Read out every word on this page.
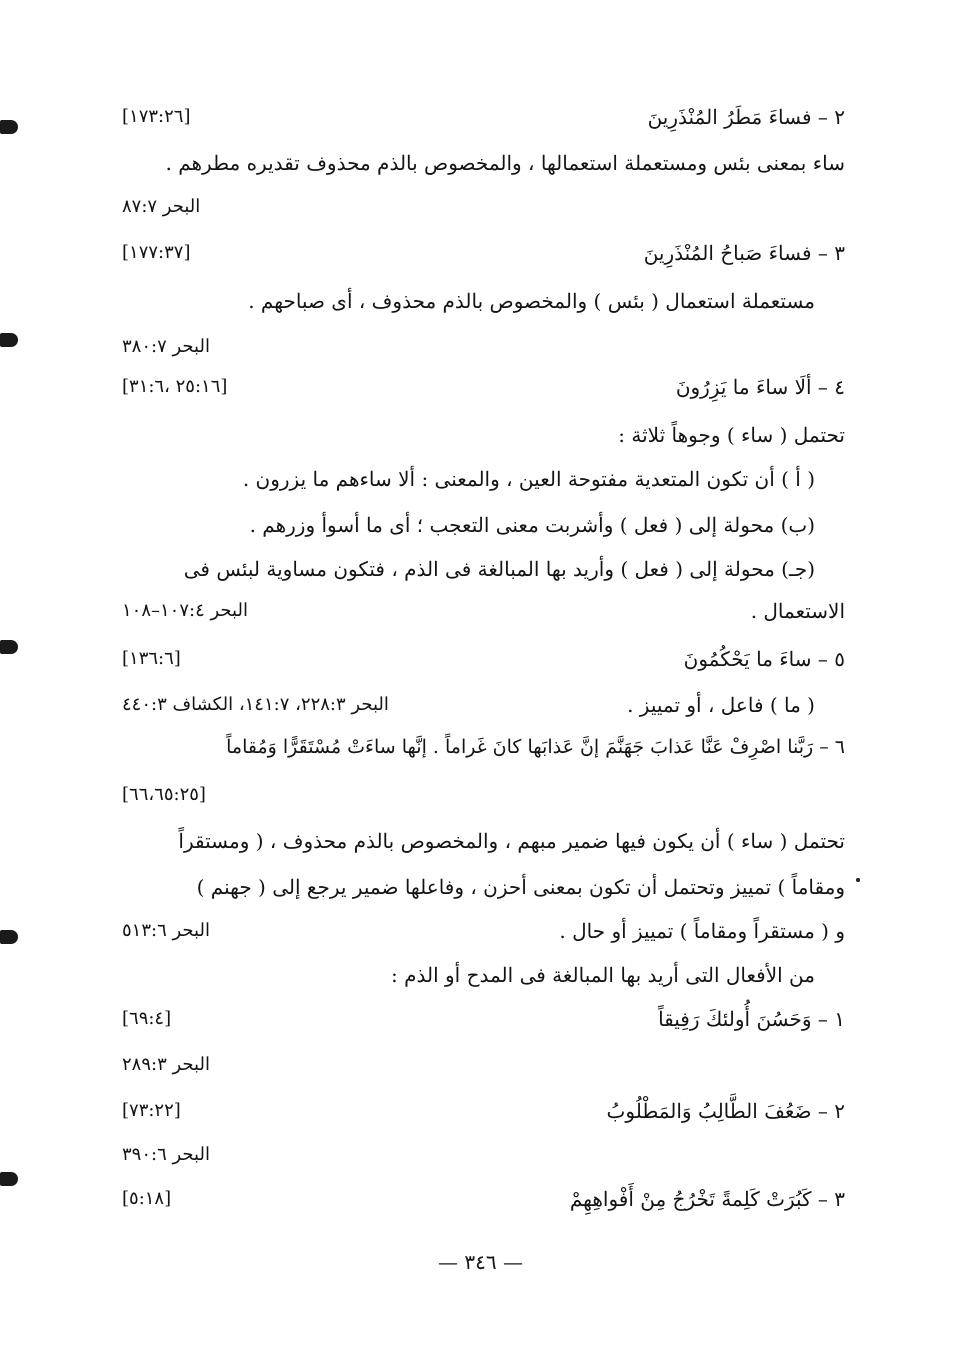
٢ – فساءَ مَطَرُ المُنْذَرِينَ
[١٧٣:٢٦]
ساء بمعنى بئس ومستعملة استعمالها ، والمخصوص بالذم محذوف تقديره مطرهم .
البحر ٨٧:٧
٣ – فساءَ صَباحُ المُنْذَرِينَ
[١٧٧:٣٧]
مستعملة استعمال ( بئس ) والمخصوص بالذم محذوف ، أى صباحهم .
البحر ٣٨٠:٧
٤ – ألَا ساءَ ما يَزِرُونَ
[٢٥:١٦ ،٣١:٦]
تحتمل ( ساء ) وجوهاً ثلاثة :
( أ ) أن تكون المتعدية مفتوحة العين ، والمعنى : ألا ساءهم ما يزرون .
(ب) محولة إلى ( فعل ) وأشربت معنى التعجب ؛ أى ما أسوأ وزرهم .
(جـ) محولة إلى ( فعل ) وأريد بها المبالغة فى الذم ، فتكون مساوية لبئس فى
الاستعمال .
البحر ١٠٧:٤–١٠٨
٥ – ساءَ ما يَحْكُمُونَ
[١٣٦:٦]
( ما ) فاعل ، أو تمييز .
البحر ٢٢٨:٣، ١٤١:٧، الكشاف ٤٤٠:٣
٦ – رَبَّنا اصْرِفْ عَنَّا عَذابَ جَهَنَّمَ إنَّ عَذابَها كانَ غَراماً . إنَّها ساءَتْ مُسْتَقَرًّا وَمُقاماً
[٦٦،٦٥:٢٥]
تحتمل ( ساء ) أن يكون فيها ضمير مبهم ، والمخصوص بالذم محذوف ، ( ومستقراً
ومقاماً ) تمييز وتحتمل أن تكون بمعنى أحزن ، وفاعلها ضمير يرجع إلى ( جهنم )
و ( مستقراً ومقاماً ) تمييز أو حال .
البحر ٥١٣:٦
من الأفعال التى أريد بها المبالغة فى المدح أو الذم :
١ – وَحَسُنَ أُولئكَ رَفِيقاً
[٦٩:٤]
البحر ٢٨٩:٣
٢ – ضَعُفَ الطَّالِبُ وَالمَطْلُوبُ
[٧٣:٢٢]
البحر ٣٩٠:٦
٣ – كَبُرَتْ كَلِمةً تَخْرُجُ مِنْ أَفْواهِهِمْ
[٥:١٨]
— ٣٤٦ —
